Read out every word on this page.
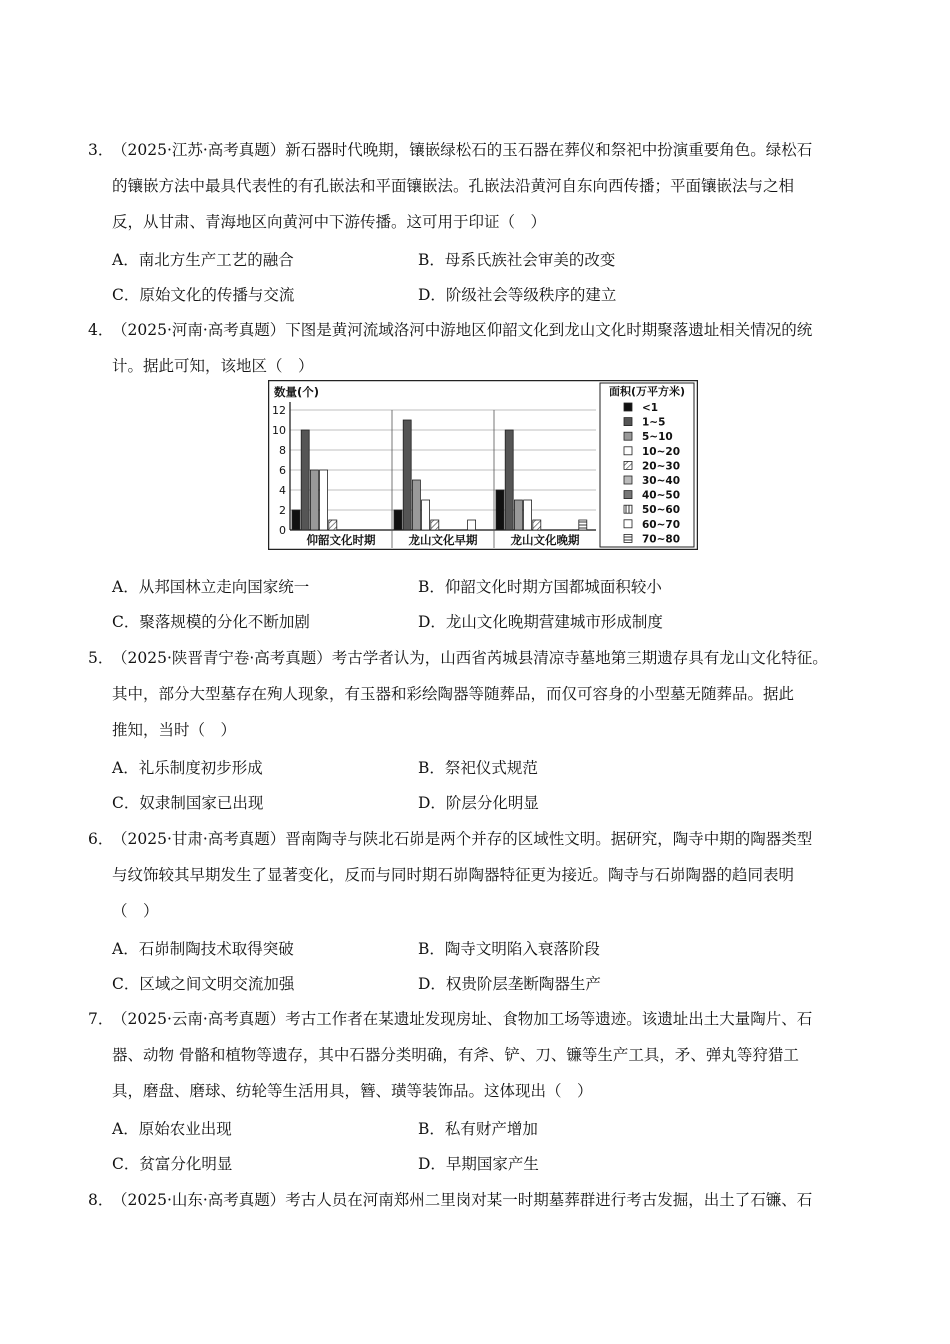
3．
（2025·江苏·高考真题）新石器时代晚期，镶嵌绿松石的玉石器在葬仪和祭祀中扮演重要角色。绿松石
的镶嵌方法中最具代表性的有孔嵌法和平面镶嵌法。孔嵌法沿黄河自东向西传播；平面镶嵌法与之相
反，从甘肃、青海地区向黄河中下游传播。这可用于印证（　）
A．南北方生产工艺的融合	B．母系氏族社会审美的改变
C．原始文化的传播与交流	D．阶级社会等级秩序的建立
4．
（2025·河南·高考真题）下图是黄河流域洛河中游地区仰韶文化到龙山文化时期聚落遗址相关情况的统
计。据此可知，该地区（　）
A．从邦国林立走向国家统一	B．仰韶文化时期方国都城面积较小
C．聚落规模的分化不断加剧	D．龙山文化晚期营建城市形成制度
5．
（2025·陕晋青宁卷·高考真题）考古学者认为，山西省芮城县清凉寺墓地第三期遗存具有龙山文化特征。
其中，部分大型墓存在殉人现象，有玉器和彩绘陶器等随葬品，而仅可容身的小型墓无随葬品。据此
推知，当时（　）
A．礼乐制度初步形成	B．祭祀仪式规范
C．奴隶制国家已出现	D．阶层分化明显
6．
（2025·甘肃·高考真题）晋南陶寺与陕北石峁是两个并存的区域性文明。据研究，陶寺中期的陶器类型
与纹饰较其早期发生了显著变化，反而与同时期石峁陶器特征更为接近。陶寺与石峁陶器的趋同表明
（　）
A．石峁制陶技术取得突破	B．陶寺文明陷入衰落阶段
C．区域之间文明交流加强	D．权贵阶层垄断陶器生产
7．
（2025·云南·高考真题）考古工作者在某遗址发现房址、食物加工场等遗迹。该遗址出土大量陶片、石
器、动物 骨骼和植物等遗存，其中石器分类明确，有斧、铲、刀、镰等生产工具，矛、弹丸等狩猎工
具，磨盘、磨球、纺轮等生活用具，簪、璜等装饰品。这体现出（　）
A．原始农业出现	B．私有财产增加
C．贫富分化明显	D．早期国家产生
8．
（2025·山东·高考真题）考古人员在河南郑州二里岗对某一时期墓葬群进行考古发掘，出土了石镰、石
0
2
4
6
8
10
12
数量(个)
仰韶文化时期	龙山文化早期	龙山文化晚期
面积(万平方米)
<1
1~5
5~10
10~20
20~30
30~40
40~50
50~60
60~70
70~80
